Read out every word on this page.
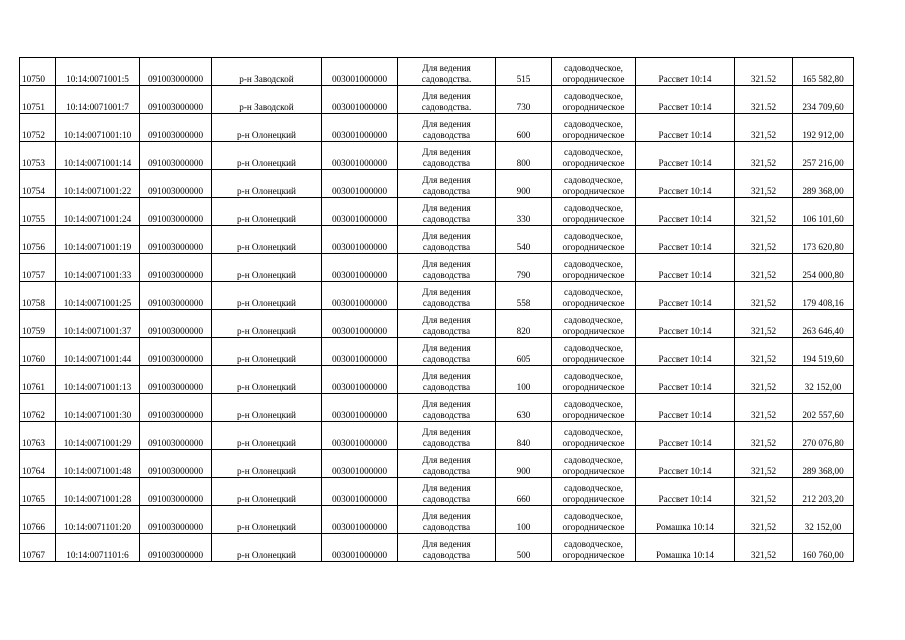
10750	10:14:0071001:5	091003000000	р-н Заводской	003001000000	Для ведения
садоводства.	515	садоводческое,
огородническое	Рассвет 10:14	321.52	165 582,80
10751	10:14:0071001:7	091003000000	р-н Заводской	003001000000	Для ведения
садоводства.	730	садоводческое,
огородническое	Рассвет 10:14	321.52	234 709,60
10752	10:14:0071001:10	091003000000	р-н Олонецкий	003001000000	Для ведения
садоводства	600	садоводческое,
огородническое	Рассвет 10:14	321,52	192 912,00
10753	10:14:0071001:14	091003000000	р-н Олонецкий	003001000000	Для ведения
садоводства	800	садоводческое,
огородническое	Рассвет 10:14	321,52	257 216,00
10754	10:14:0071001:22	091003000000	р-н Олонецкий	003001000000	Для ведения
садоводства	900	садоводческое,
огородническое	Рассвет 10:14	321,52	289 368,00
10755	10:14:0071001:24	091003000000	р-н Олонецкий	003001000000	Для ведения
садоводства	330	садоводческое,
огородническое	Рассвет 10:14	321,52	106 101,60
10756	10:14:0071001:19	091003000000	р-н Олонецкий	003001000000	Для ведения
садоводства	540	садоводческое,
огородническое	Рассвет 10:14	321,52	173 620,80
10757	10:14:0071001:33	091003000000	р-н Олонецкий	003001000000	Для ведения
садоводства	790	садоводческое,
огородническое	Рассвет 10:14	321,52	254 000,80
10758	10:14:0071001:25	091003000000	р-н Олонецкий	003001000000	Для ведения
садоводства	558	садоводческое,
огородническое	Рассвет 10:14	321,52	179 408,16
10759	10:14:0071001:37	091003000000	р-н Олонецкий	003001000000	Для ведения
садоводства	820	садоводческое,
огородническое	Рассвет 10:14	321,52	263 646,40
10760	10:14:0071001:44	091003000000	р-н Олонецкий	003001000000	Для ведения
садоводства	605	садоводческое,
огородническое	Рассвет 10:14	321,52	194 519,60
10761	10:14:0071001:13	091003000000	р-н Олонецкий	003001000000	Для ведения
садоводства	100	садоводческое,
огородническое	Рассвет 10:14	321,52	32 152,00
10762	10:14:0071001:30	091003000000	р-н Олонецкий	003001000000	Для ведения
садоводства	630	садоводческое,
огородническое	Рассвет 10:14	321,52	202 557,60
10763	10:14:0071001:29	091003000000	р-н Олонецкий	003001000000	Для ведения
садоводства	840	садоводческое,
огородническое	Рассвет 10:14	321,52	270 076,80
10764	10:14:0071001:48	091003000000	р-н Олонецкий	003001000000	Для ведения
садоводства	900	садоводческое,
огородническое	Рассвет 10:14	321,52	289 368,00
10765	10:14:0071001:28	091003000000	р-н Олонецкий	003001000000	Для ведения
садоводства	660	садоводческое,
огородническое	Рассвет 10:14	321,52	212 203,20
10766	10:14:0071101:20	091003000000	р-н Олонецкий	003001000000	Для ведения
садоводства	100	садоводческое,
огородническое	Ромашка 10:14	321,52	32 152,00
10767	10:14:0071101:6	091003000000	р-н Олонецкий	003001000000	Для ведения
садоводства	500	садоводческое,
огородническое	Ромашка 10:14	321,52	160 760,00
